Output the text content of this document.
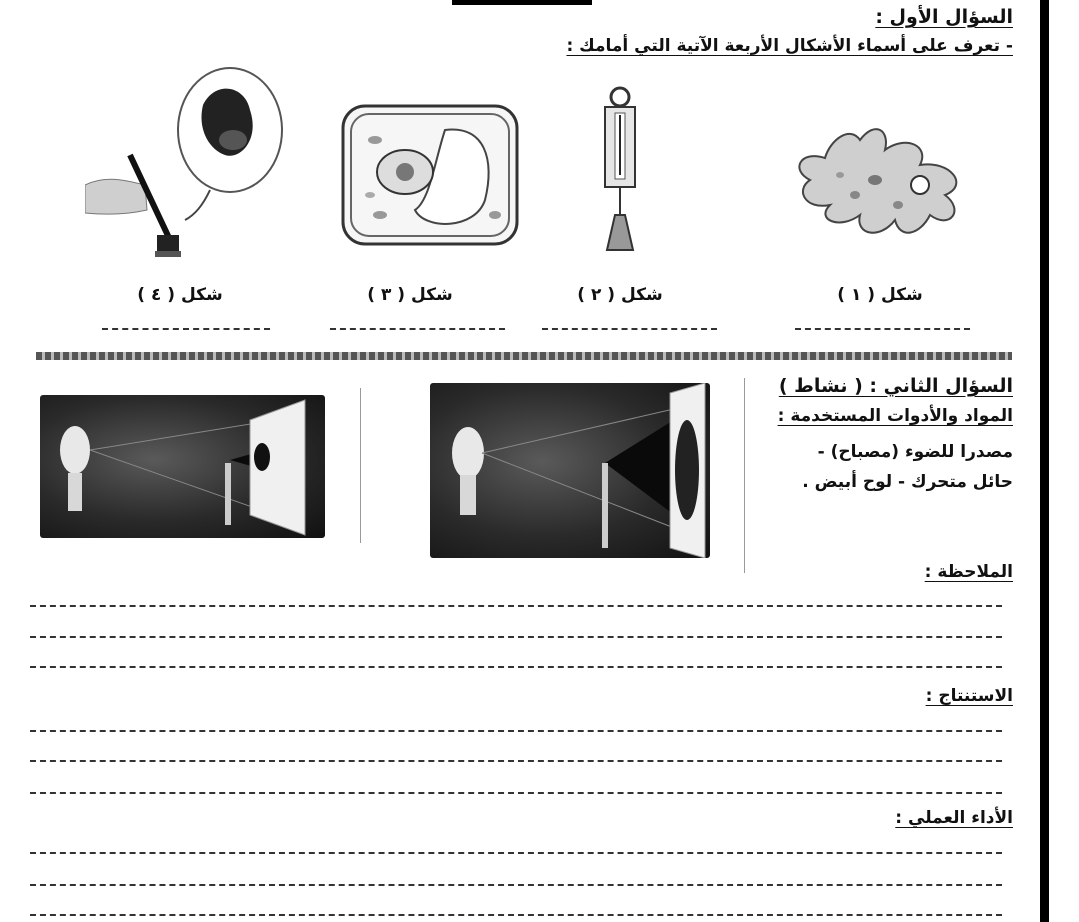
السؤال الأول :
- تعرف على أسماء الأشكال الأربعة الآتية التي أمامك :
شكل ( ١ )
شكل ( ٢ )
شكل ( ٣ )
شكل ( ٤ )
السؤال الثاني : ( نشاط )
المواد والأدوات المستخدمة :
مصدرا للضوء (مصباح) -
حائل متحرك - لوح أبيض .
الملاحظة :
الاستنتاج :
الأداء العملي :
